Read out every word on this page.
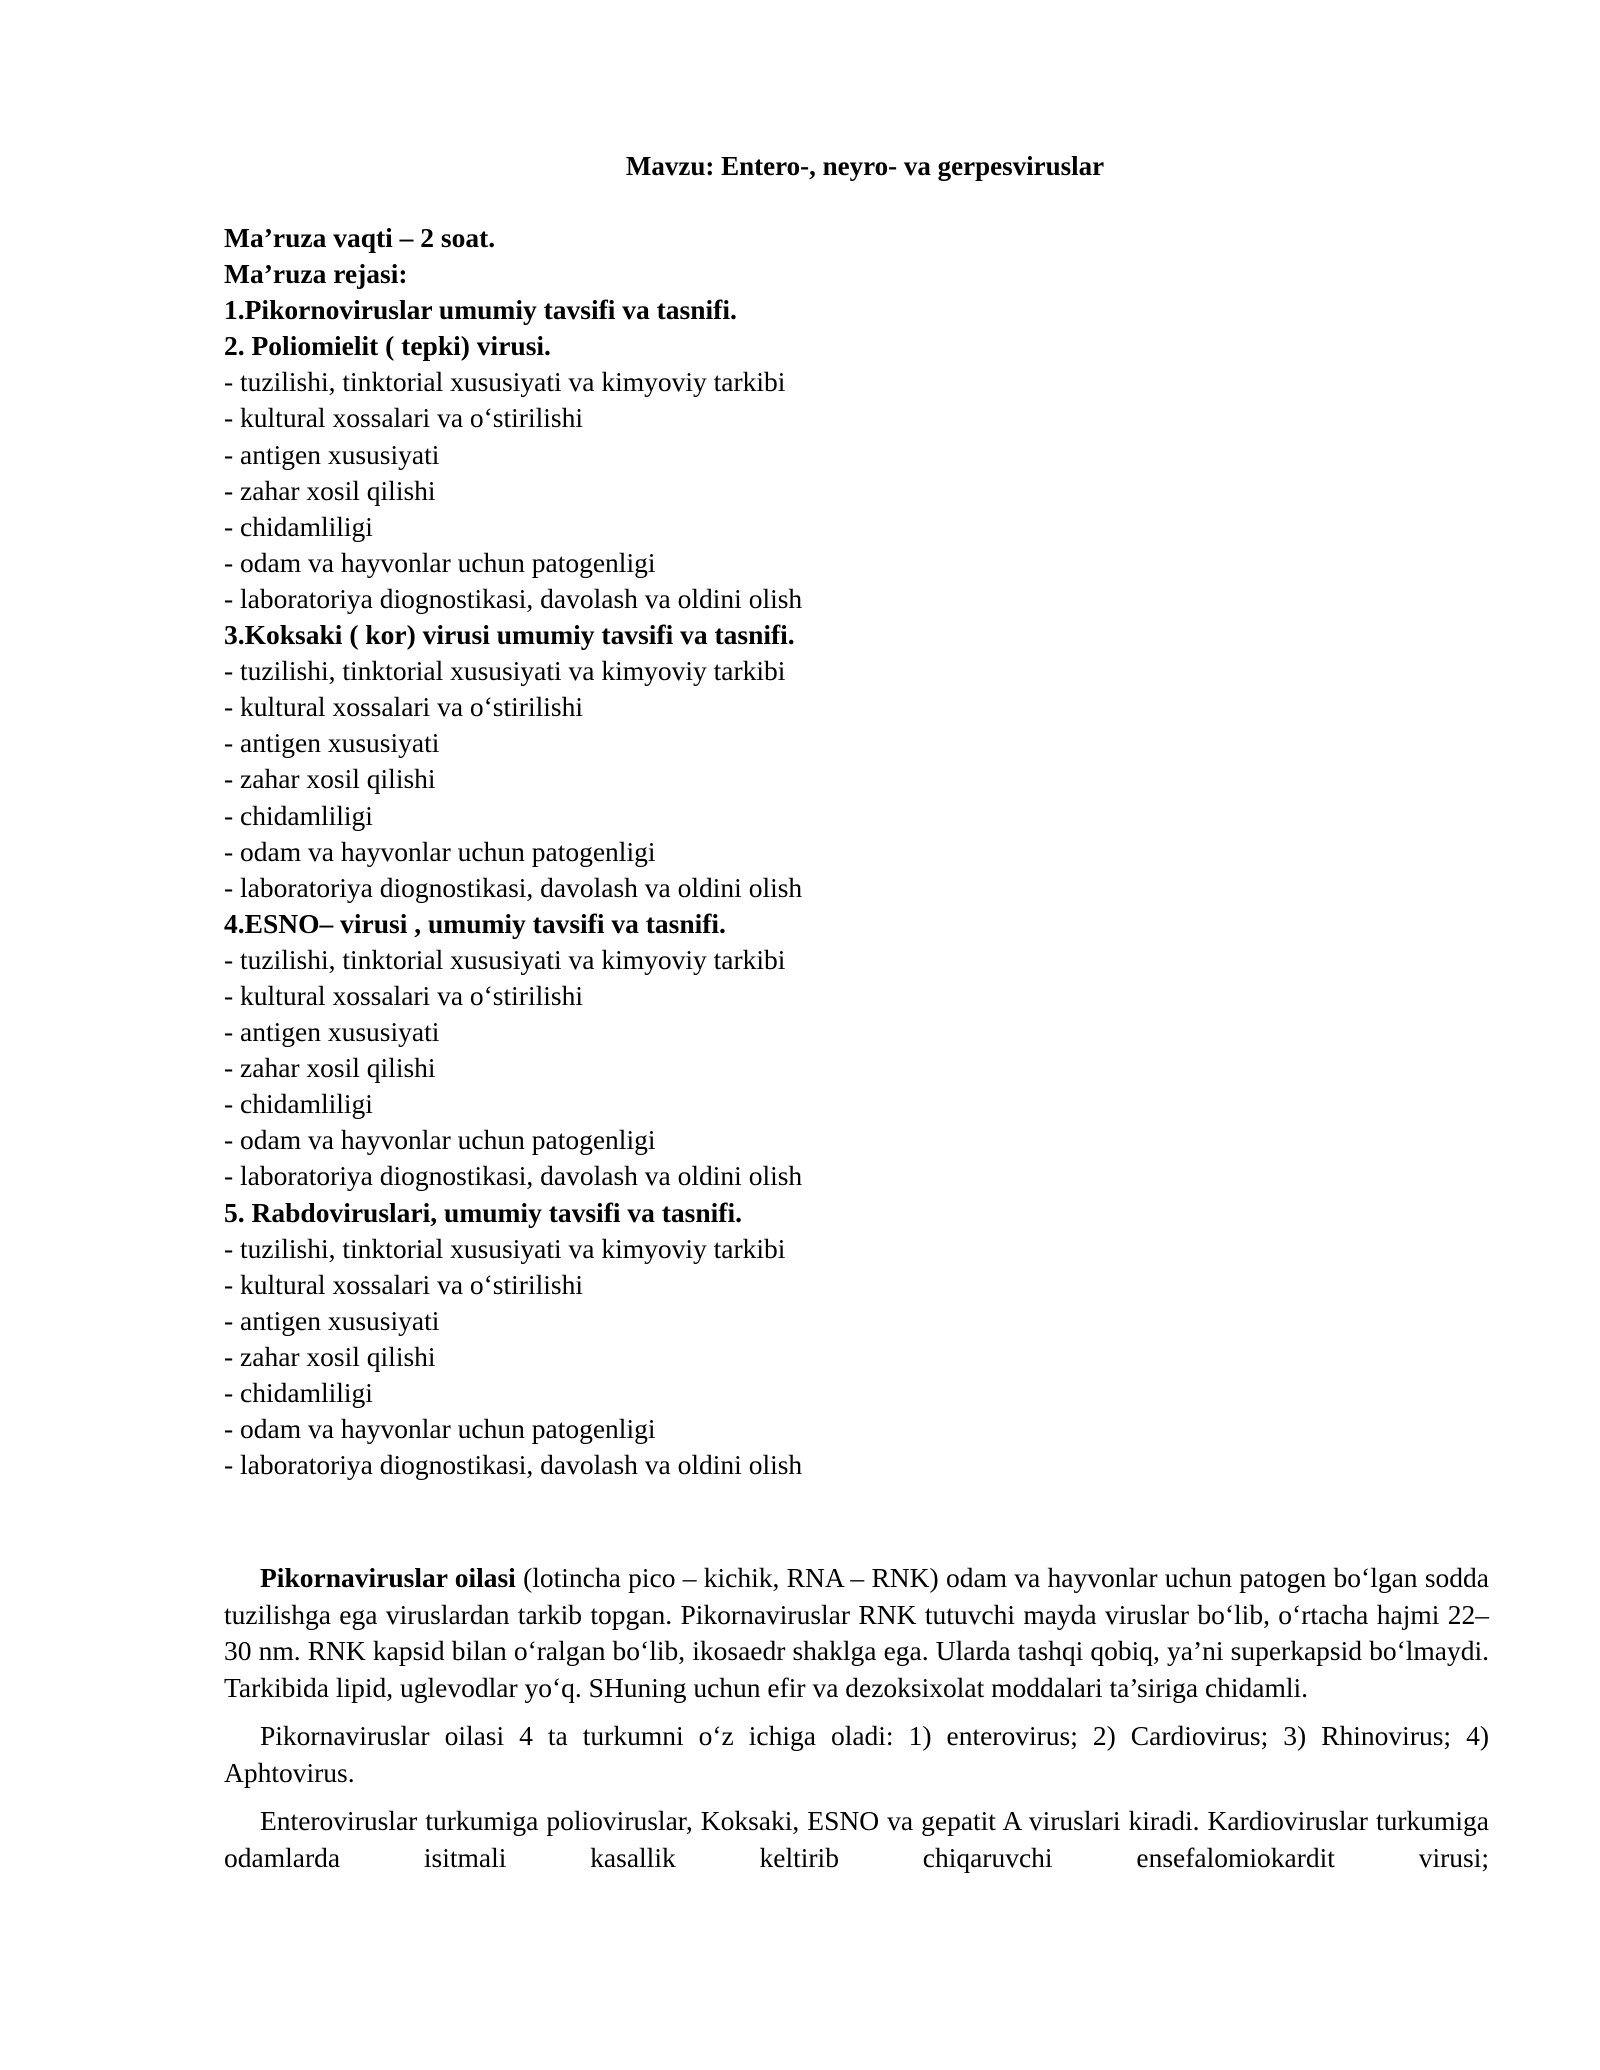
Mavzu: Entero-, neyro- va gerpesviruslar
Ma’ruza vaqti – 2 soat.
Ma’ruza rejasi:
1.Pikornoviruslar umumiy tavsifi va tasnifi.
2. Poliomielit ( tepki) virusi.
- tuzilishi, tinktorial xususiyati va kimyoviy tarkibi
- kultural xossalari va o‘stirilishi
- antigen xususiyati
- zahar xosil qilishi
- chidamliligi
- odam va hayvonlar uchun patogenligi
- laboratoriya diognostikasi, davolash va oldini olish
3.Koksaki ( kor) virusi umumiy tavsifi va tasnifi.
- tuzilishi, tinktorial xususiyati va kimyoviy tarkibi
- kultural xossalari va o‘stirilishi
- antigen xususiyati
- zahar xosil qilishi
- chidamliligi
- odam va hayvonlar uchun patogenligi
- laboratoriya diognostikasi, davolash va oldini olish
4.ESNO– virusi , umumiy tavsifi va tasnifi.
- tuzilishi, tinktorial xususiyati va kimyoviy tarkibi
- kultural xossalari va o‘stirilishi
- antigen xususiyati
- zahar xosil qilishi
- chidamliligi
- odam va hayvonlar uchun patogenligi
- laboratoriya diognostikasi, davolash va oldini olish
5. Rabdoviruslari, umumiy tavsifi va tasnifi.
- tuzilishi, tinktorial xususiyati va kimyoviy tarkibi
- kultural xossalari va o‘stirilishi
- antigen xususiyati
- zahar xosil qilishi
- chidamliligi
- odam va hayvonlar uchun patogenligi
- laboratoriya diognostikasi, davolash va oldini olish

Pikornaviruslar oilasi (lotincha pico – kichik, RNA – RNK) odam va hayvonlar uchun patogen bo‘lgan sodda tuzilishga ega viruslardan tarkib topgan. Pikornaviruslar RNK tutuvchi mayda viruslar bo‘lib, o‘rtacha hajmi 22–30 nm. RNK kapsid bilan o‘ralgan bo‘lib, ikosaedr shaklga ega. Ularda tashqi qobiq, ya’ni superkapsid bo‘lmaydi. Tarkibida lipid, uglevodlar yo‘q. SHuning uchun efir va dezoksixolat moddalari ta’siriga chidamli.

Pikornaviruslar oilasi 4 ta turkumni o‘z ichiga oladi: 1) enterovirus; 2) Cardiovirus; 3) Rhinovirus; 4) Aphtovirus.

Enteroviruslar turkumiga polioviruslar, Koksaki, ESNO va gepatit A viruslari kiradi. Kardioviruslar turkumiga odamlarda isitmali kasallik keltirib chiqaruvchi ensefalomiokardit virusi;
